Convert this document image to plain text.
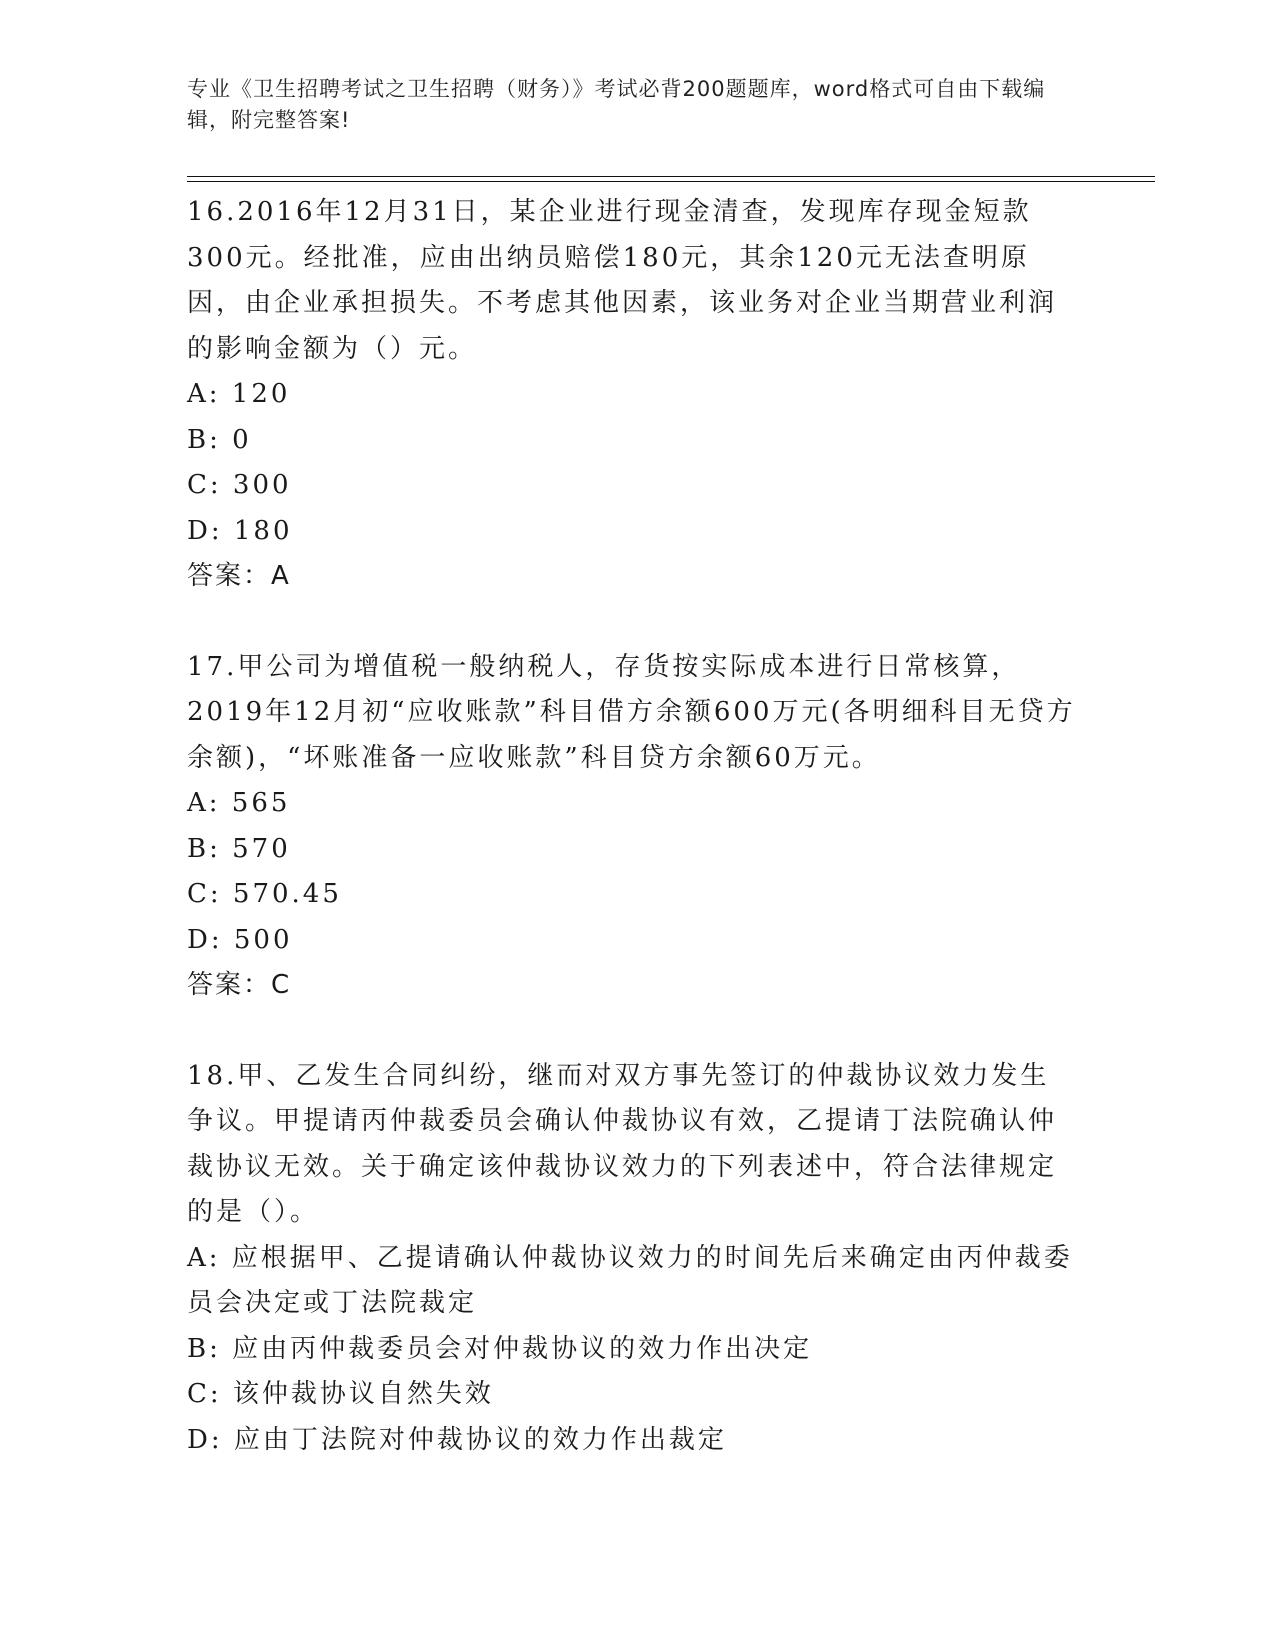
专业《卫生招聘考试之卫生招聘（财务）》考试必背200题题库，word格式可自由下载编辑，附完整答案!

16.2016年12月31日，某企业进行现金清查，发现库存现金短款300元。经批准，应由出纳员赔偿180元，其余120元无法查明原因，由企业承担损失。不考虑其他因素，该业务对企业当期营业利润的影响金额为（）元。

A: 120

B: 0

C: 300

D: 180

答案：A

17.甲公司为增值税一般纳税人，存货按实际成本进行日常核算，2019年12月初“应收账款”科目借方余额600万元(各明细科目无贷方余额)，“坏账准备一应收账款”科目贷方余额60万元。

A: 565

B: 570

C: 570.45

D: 500

答案：C

18.甲、乙发生合同纠纷，继而对双方事先签订的仲裁协议效力发生争议。甲提请丙仲裁委员会确认仲裁协议有效，乙提请丁法院确认仲裁协议无效。关于确定该仲裁协议效力的下列表述中，符合法律规定的是（）。

A: 应根据甲、乙提请确认仲裁协议效力的时间先后来确定由丙仲裁委员会决定或丁法院裁定

B: 应由丙仲裁委员会对仲裁协议的效力作出决定

C: 该仲裁协议自然失效

D: 应由丁法院对仲裁协议的效力作出裁定
